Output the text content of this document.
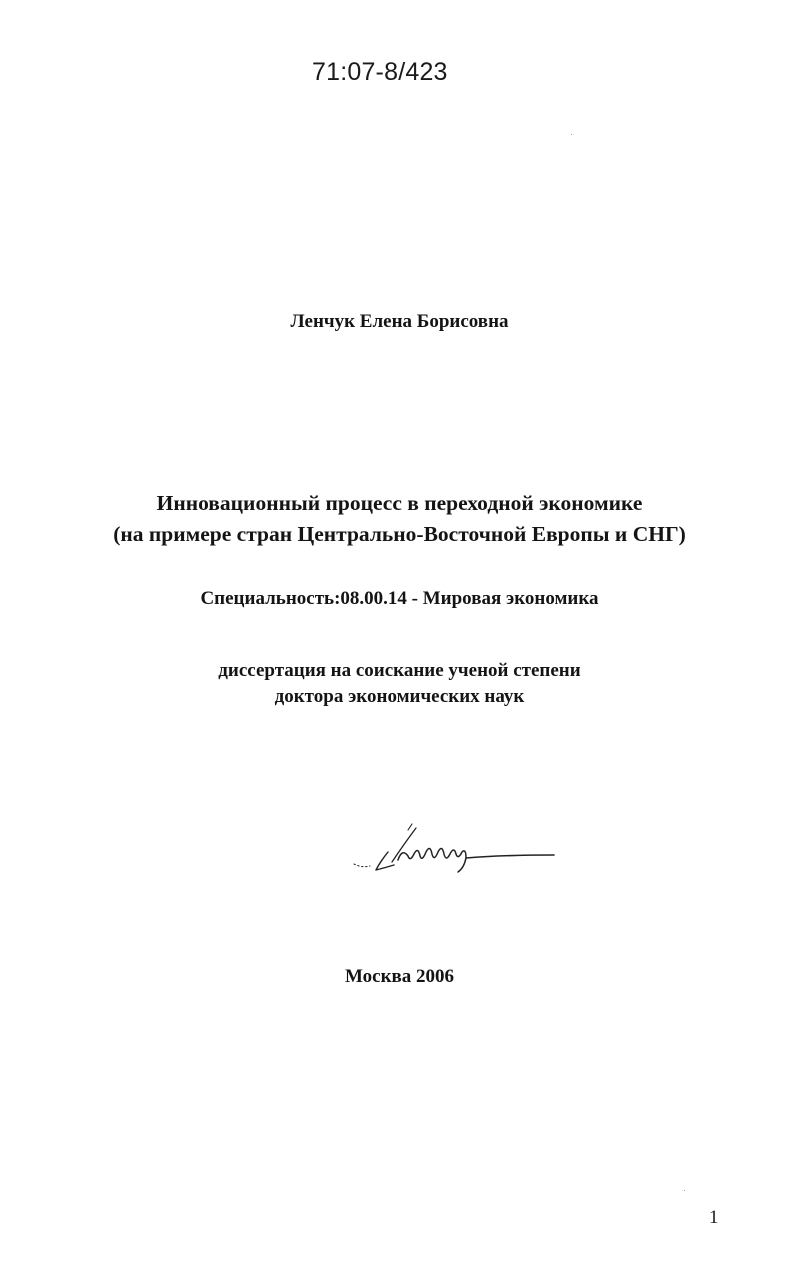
71:07-8/423
Ленчук Елена Борисовна
Инновационный процесс в переходной экономике
(на примере стран Центрально-Восточной Европы и СНГ)
Специальность:08.00.14 - Мировая экономика
диссертация на соискание ученой степени
доктора экономических наук
Москва 2006
1
